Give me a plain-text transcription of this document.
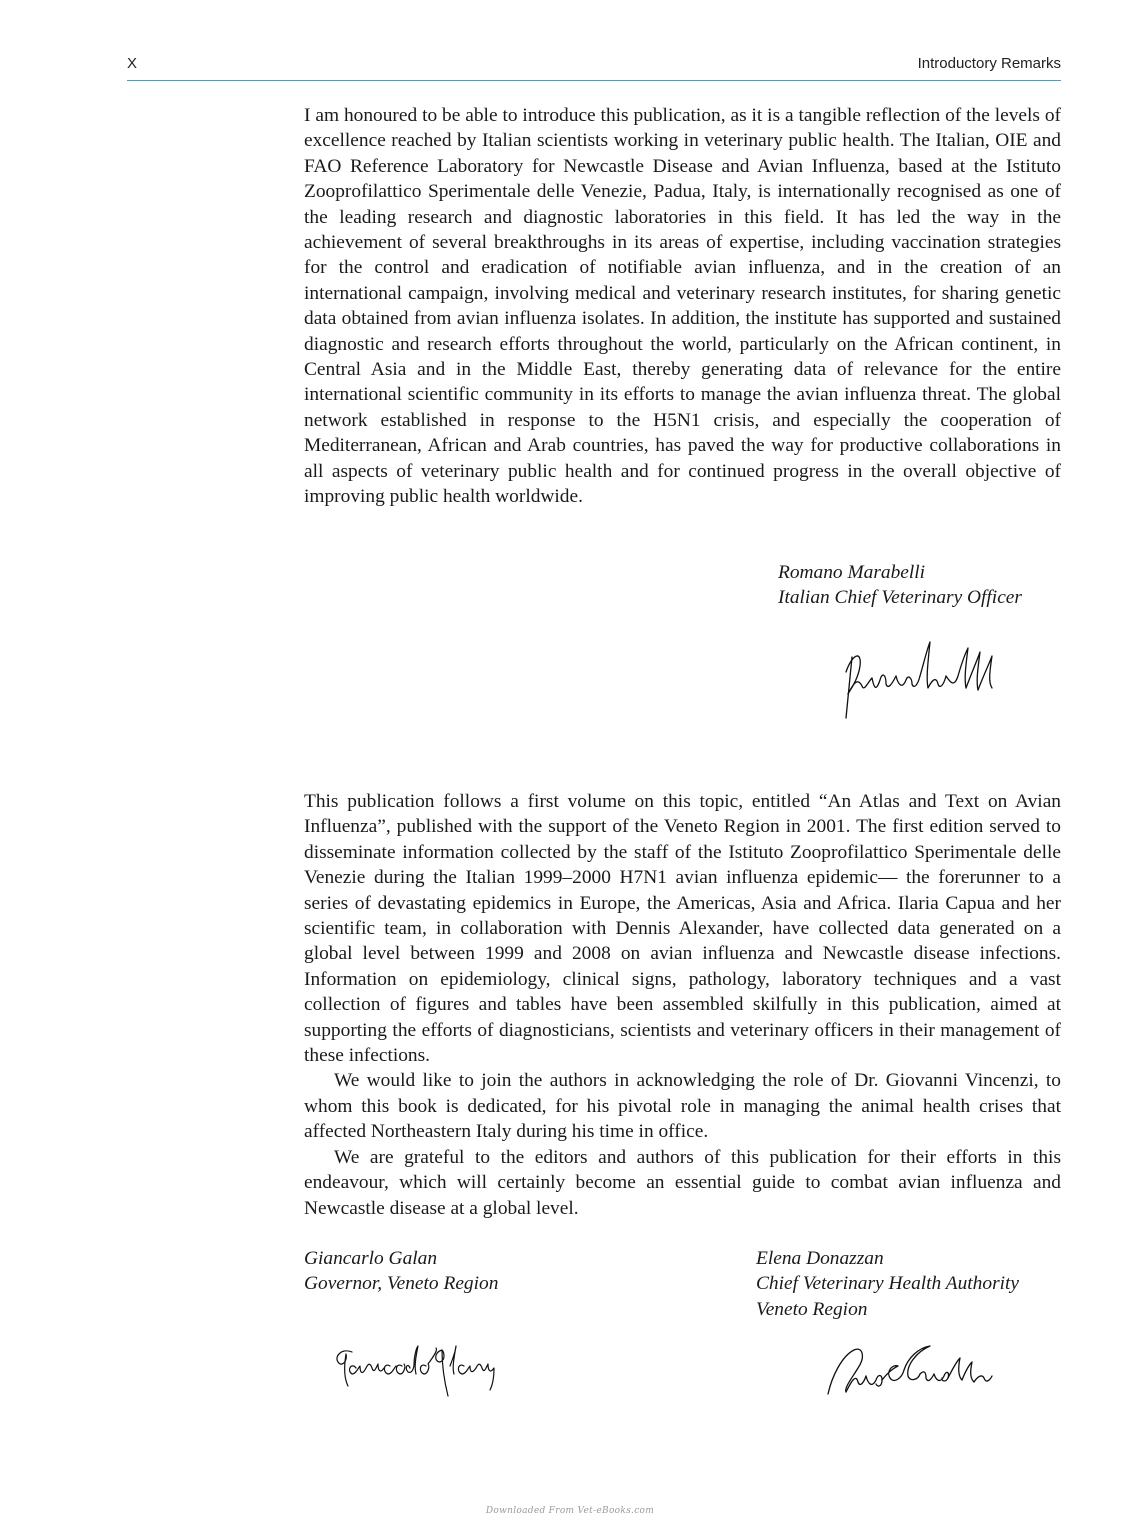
X	Introductory Remarks

I am honoured to be able to introduce this publication, as it is a tangible reflection of the levels of excellence reached by Italian scientists working in veterinary public health. The Italian, OIE and FAO Reference Laboratory for Newcastle Disease and Avian Influenza, based at the Istituto Zooprofilattico Sperimentale delle Venezie, Padua, Italy, is internationally recognised as one of the leading research and diagnostic laboratories in this field. It has led the way in the achievement of several breakthroughs in its areas of expertise, including vaccination strategies for the control and eradication of notifiable avian influenza, and in the creation of an international campaign, involving medical and veterinary research institutes, for sharing genetic data obtained from avian influenza isolates. In addition, the institute has supported and sustained diagnostic and research efforts throughout the world, particularly on the African continent, in Central Asia and in the Middle East, thereby generating data of relevance for the entire international scientific community in its efforts to manage the avian influenza threat. The global network established in response to the H5N1 crisis, and especially the cooperation of Mediterranean, African and Arab countries, has paved the way for productive collaborations in all aspects of veterinary public health and for continued progress in the overall objective of improving public health worldwide.

Romano Marabelli
Italian Chief Veterinary Officer

This publication follows a first volume on this topic, entitled “An Atlas and Text on Avian Influenza”, published with the support of the Veneto Region in 2001. The first edition served to disseminate information collected by the staff of the Istituto Zooprofilattico Sperimentale delle Venezie during the Italian 1999–2000 H7N1 avian influenza epidemic— the forerunner to a series of devastating epidemics in Europe, the Americas, Asia and Africa. Ilaria Capua and her scientific team, in collaboration with Dennis Alexander, have collected data generated on a global level between 1999 and 2008 on avian influenza and Newcastle disease infections. Information on epidemiology, clinical signs, pathology, laboratory techniques and a vast collection of figures and tables have been assembled skilfully in this publication, aimed at supporting the efforts of diagnosticians, scientists and veterinary officers in their management of these infections.

We would like to join the authors in acknowledging the role of Dr. Giovanni Vincenzi, to whom this book is dedicated, for his pivotal role in managing the animal health crises that affected Northeastern Italy during his time in office.

We are grateful to the editors and authors of this publication for their efforts in this endeavour, which will certainly become an essential guide to combat avian influenza and Newcastle disease at a global level.

Giancarlo Galan
Governor, Veneto Region
Elena Donazzan
Chief Veterinary Health Authority
Veneto Region
Downloaded From Vet-eBooks.com
